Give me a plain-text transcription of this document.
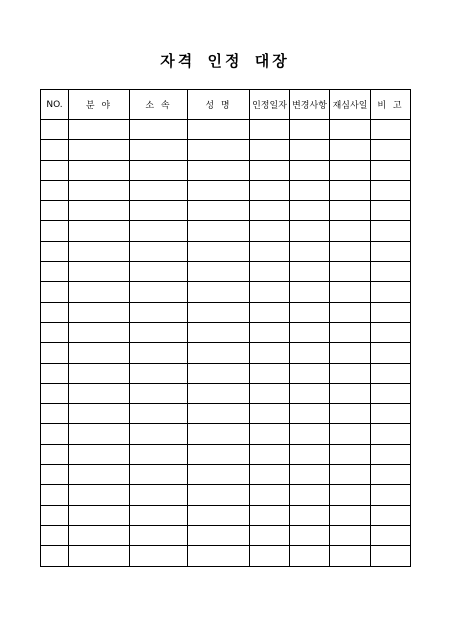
자격 인정 대장
NO.	분 야	소 속	성 명	인정일자	변경사항	재심사일	비 고
